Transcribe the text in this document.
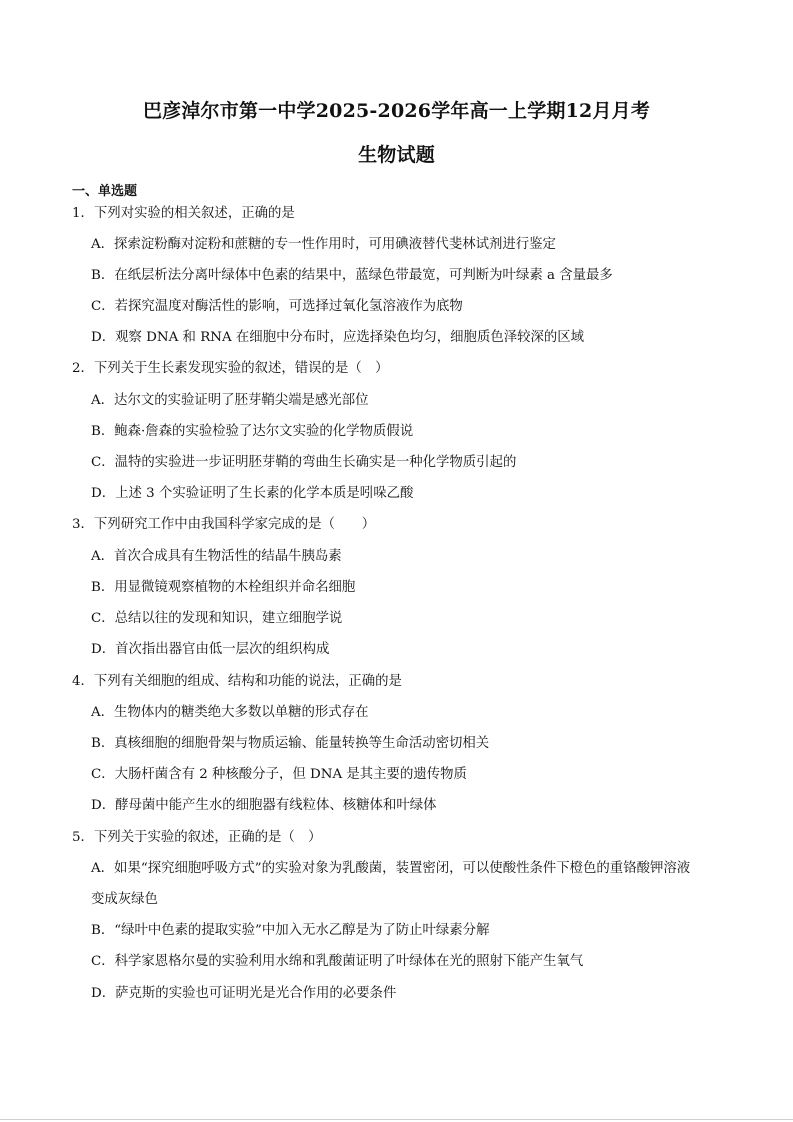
巴彦淖尔市第一中学2025-2026学年高一上学期12月月考
生物试题
一、单选题
1．下列对实验的相关叙述，正确的是
A．探索淀粉酶对淀粉和蔗糖的专一性作用时，可用碘液替代斐林试剂进行鉴定
B．在纸层析法分离叶绿体中色素的结果中，蓝绿色带最宽，可判断为叶绿素 a 含量最多
C．若探究温度对酶活性的影响，可选择过氧化氢溶液作为底物
D．观察 DNA 和 RNA 在细胞中分布时，应选择染色均匀，细胞质色泽较深的区域
2．下列关于生长素发现实验的叙述，错误的是（　）
A．达尔文的实验证明了胚芽鞘尖端是感光部位
B．鲍森·詹森的实验检验了达尔文实验的化学物质假说
C．温特的实验进一步证明胚芽鞘的弯曲生长确实是一种化学物质引起的
D．上述 3 个实验证明了生长素的化学本质是吲哚乙酸
3．下列研究工作中由我国科学家完成的是（　　）
A．首次合成具有生物活性的结晶牛胰岛素
B．用显微镜观察植物的木栓组织并命名细胞
C．总结以往的发现和知识，建立细胞学说
D．首次指出器官由低一层次的组织构成
4．下列有关细胞的组成、结构和功能的说法，正确的是
A．生物体内的糖类绝大多数以单糖的形式存在
B．真核细胞的细胞骨架与物质运输、能量转换等生命活动密切相关
C．大肠杆菌含有 2 种核酸分子，但 DNA 是其主要的遗传物质
D．酵母菌中能产生水的细胞器有线粒体、核糖体和叶绿体
5．下列关于实验的叙述，正确的是（　）
A．如果“探究细胞呼吸方式”的实验对象为乳酸菌，装置密闭，可以使酸性条件下橙色的重铬酸钾溶液
变成灰绿色
B．“绿叶中色素的提取实验”中加入无水乙醇是为了防止叶绿素分解
C．科学家恩格尔曼的实验利用水绵和乳酸菌证明了叶绿体在光的照射下能产生氧气
D．萨克斯的实验也可证明光是光合作用的必要条件
